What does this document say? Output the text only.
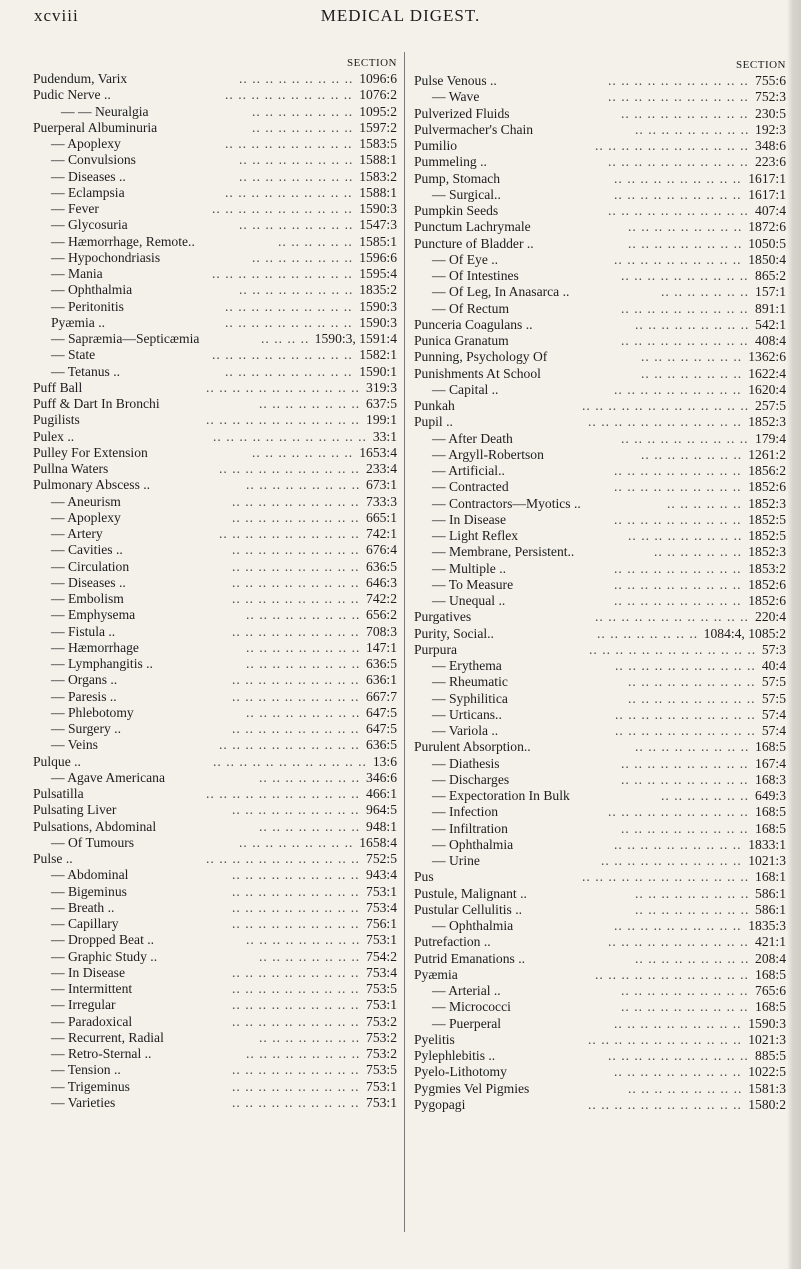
xcviii	MEDICAL DIGEST.
SECTION
Pudendum, Varix	.. .. .. .. .. .. .. .. .. 1096:6
Pudic Nerve ..	.. .. .. .. .. .. .. .. .. .. 1076:2
— — Neuralgia	.. .. .. .. .. .. .. .. 1095:2
Puerperal Albuminuria	.. .. .. .. .. .. .. .. 1597:2
— Apoplexy	.. .. .. .. .. .. .. .. .. .. 1583:5
— Convulsions	.. .. .. .. .. .. .. .. .. 1588:1
— Diseases ..	.. .. .. .. .. .. .. .. .. 1583:2
— Eclampsia	.. .. .. .. .. .. .. .. .. .. 1588:1
— Fever	.. .. .. .. .. .. .. .. .. .. .. 1590:3
— Glycosuria	.. .. .. .. .. .. .. .. .. 1547:3
— Hæmorrhage, Remote..	.. .. .. .. .. .. 1585:1
— Hypochondriasis	.. .. .. .. .. .. .. .. 1596:6
— Mania	.. .. .. .. .. .. .. .. .. .. .. 1595:4
— Ophthalmia	.. .. .. .. .. .. .. .. .. 1835:2
— Peritonitis	.. .. .. .. .. .. .. .. .. .. 1590:3
Pyæmia ..	.. .. .. .. .. .. .. .. .. .. 1590:3
— Sapræmia—Septicæmia	.. .. .. .. 1590:3, 1591:4
— State	.. .. .. .. .. .. .. .. .. .. .. 1582:1
— Tetanus ..	.. .. .. .. .. .. .. .. .. .. 1590:1
Puff Ball	.. .. .. .. .. .. .. .. .. .. .. .. 319:3
Puff & Dart In Bronchi	.. .. .. .. .. .. .. .. 637:5
Pugilists	.. .. .. .. .. .. .. .. .. .. .. .. 199:1
Pulex ..	.. .. .. .. .. .. .. .. .. .. .. .. 33:1
Pulley For Extension	.. .. .. .. .. .. .. .. 1653:4
Pullna Waters	.. .. .. .. .. .. .. .. .. .. .. 233:4
Pulmonary Abscess ..	.. .. .. .. .. .. .. .. .. 673:1
— Aneurism	.. .. .. .. .. .. .. .. .. .. 733:3
— Apoplexy	.. .. .. .. .. .. .. .. .. .. 665:1
— Artery	.. .. .. .. .. .. .. .. .. .. .. 742:1
— Cavities ..	.. .. .. .. .. .. .. .. .. .. 676:4
— Circulation	.. .. .. .. .. .. .. .. .. .. 636:5
— Diseases ..	.. .. .. .. .. .. .. .. .. .. 646:3
— Embolism	.. .. .. .. .. .. .. .. .. .. 742:2
— Emphysema	.. .. .. .. .. .. .. .. .. 656:2
— Fistula ..	.. .. .. .. .. .. .. .. .. .. 708:3
— Hæmorrhage	.. .. .. .. .. .. .. .. .. 147:1
— Lymphangitis ..	.. .. .. .. .. .. .. .. .. 636:5
— Organs ..	.. .. .. .. .. .. .. .. .. .. 636:1
— Paresis ..	.. .. .. .. .. .. .. .. .. .. 667:7
— Phlebotomy	.. .. .. .. .. .. .. .. .. 647:5
— Surgery ..	.. .. .. .. .. .. .. .. .. .. 647:5
— Veins	.. .. .. .. .. .. .. .. .. .. .. 636:5
Pulque ..	.. .. .. .. .. .. .. .. .. .. .. .. 13:6
— Agave Americana	.. .. .. .. .. .. .. .. 346:6
Pulsatilla	.. .. .. .. .. .. .. .. .. .. .. .. 466:1
Pulsating Liver	.. .. .. .. .. .. .. .. .. .. 964:5
Pulsations, Abdominal	.. .. .. .. .. .. .. .. 948:1
— Of Tumours	.. .. .. .. .. .. .. .. .. 1658:4
Pulse ..	.. .. .. .. .. .. .. .. .. .. .. .. 752:5
— Abdominal	.. .. .. .. .. .. .. .. .. .. 943:4
— Bigeminus	.. .. .. .. .. .. .. .. .. .. 753:1
— Breath ..	.. .. .. .. .. .. .. .. .. .. 753:4
— Capillary	.. .. .. .. .. .. .. .. .. .. 756:1
— Dropped Beat ..	.. .. .. .. .. .. .. .. .. 753:1
— Graphic Study ..	.. .. .. .. .. .. .. .. 754:2
— In Disease	.. .. .. .. .. .. .. .. .. .. 753:4
— Intermittent	.. .. .. .. .. .. .. .. .. .. 753:5
— Irregular	.. .. .. .. .. .. .. .. .. .. 753:1
— Paradoxical	.. .. .. .. .. .. .. .. .. .. 753:2
— Recurrent, Radial	.. .. .. .. .. .. .. .. 753:2
— Retro-Sternal ..	.. .. .. .. .. .. .. .. .. 753:2
— Tension ..	.. .. .. .. .. .. .. .. .. .. 753:5
— Trigeminus	.. .. .. .. .. .. .. .. .. .. 753:1
— Varieties	.. .. .. .. .. .. .. .. .. .. 753:1
SECTION
Pulse Venous ..	.. .. .. .. .. .. .. .. .. .. .. 755:6
— Wave	.. .. .. .. .. .. .. .. .. .. .. 752:3
Pulverized Fluids	.. .. .. .. .. .. .. .. .. .. 230:5
Pulvermacher's Chain	.. .. .. .. .. .. .. .. .. 192:3
Pumilio	.. .. .. .. .. .. .. .. .. .. .. .. 348:6
Pummeling ..	.. .. .. .. .. .. .. .. .. .. .. 223:6
Pump, Stomach	.. .. .. .. .. .. .. .. .. .. 1617:1
— Surgical..	.. .. .. .. .. .. .. .. .. .. 1617:1
Pumpkin Seeds	.. .. .. .. .. .. .. .. .. .. .. 407:4
Punctum Lachrymale	.. .. .. .. .. .. .. .. .. 1872:6
Puncture of Bladder ..	.. .. .. .. .. .. .. .. .. 1050:5
— Of Eye ..	.. .. .. .. .. .. .. .. .. .. 1850:4
— Of Intestines	.. .. .. .. .. .. .. .. .. .. 865:2
— Of Leg, In Anasarca ..	.. .. .. .. .. .. .. 157:1
— Of Rectum	.. .. .. .. .. .. .. .. .. .. 891:1
Punceria Coagulans ..	.. .. .. .. .. .. .. .. .. 542:1
Punica Granatum	.. .. .. .. .. .. .. .. .. .. 408:4
Punning, Psychology Of	.. .. .. .. .. .. .. .. 1362:6
Punishments At School	.. .. .. .. .. .. .. .. 1622:4
— Capital ..	.. .. .. .. .. .. .. .. .. .. 1620:4
Punkah	.. .. .. .. .. .. .. .. .. .. .. .. .. 257:5
Pupil ..	.. .. .. .. .. .. .. .. .. .. .. .. 1852:3
— After Death	.. .. .. .. .. .. .. .. .. .. 179:4
— Argyll-Robertson	.. .. .. .. .. .. .. .. 1261:2
— Artificial..	.. .. .. .. .. .. .. .. .. .. 1856:2
— Contracted	.. .. .. .. .. .. .. .. .. .. 1852:6
— Contractors—Myotics ..	.. .. .. .. .. .. 1852:3
— In Disease	.. .. .. .. .. .. .. .. .. .. 1852:5
— Light Reflex	.. .. .. .. .. .. .. .. .. 1852:5
— Membrane, Persistent..	.. .. .. .. .. .. .. 1852:3
— Multiple ..	.. .. .. .. .. .. .. .. .. .. 1853:2
— To Measure	.. .. .. .. .. .. .. .. .. .. 1852:6
— Unequal ..	.. .. .. .. .. .. .. .. .. .. 1852:6
Purgatives	.. .. .. .. .. .. .. .. .. .. .. .. 220:4
Purity, Social..	.. .. .. .. .. .. .. .. 1084:4, 1085:2
Purpura	.. .. .. .. .. .. .. .. .. .. .. .. .. 57:3
— Erythema	.. .. .. .. .. .. .. .. .. .. .. 40:4
— Rheumatic	.. .. .. .. .. .. .. .. .. .. 57:5
— Syphilitica	.. .. .. .. .. .. .. .. .. .. 57:5
— Urticans..	.. .. .. .. .. .. .. .. .. .. .. 57:4
— Variola ..	.. .. .. .. .. .. .. .. .. .. .. 57:4
Purulent Absorption..	.. .. .. .. .. .. .. .. .. 168:5
— Diathesis	.. .. .. .. .. .. .. .. .. .. 167:4
— Discharges	.. .. .. .. .. .. .. .. .. .. 168:3
— Expectoration In Bulk	.. .. .. .. .. .. .. 649:3
— Infection	.. .. .. .. .. .. .. .. .. .. .. 168:5
— Infiltration	.. .. .. .. .. .. .. .. .. .. 168:5
— Ophthalmia	.. .. .. .. .. .. .. .. .. .. 1833:1
— Urine	.. .. .. .. .. .. .. .. .. .. .. 1021:3
Pus	.. .. .. .. .. .. .. .. .. .. .. .. .. 168:1
Pustule, Malignant ..	.. .. .. .. .. .. .. .. .. 586:1
Pustular Cellulitis ..	.. .. .. .. .. .. .. .. .. 586:1
— Ophthalmia	.. .. .. .. .. .. .. .. .. .. 1835:3
Putrefaction ..	.. .. .. .. .. .. .. .. .. .. .. 421:1
Putrid Emanations ..	.. .. .. .. .. .. .. .. .. 208:4
Pyæmia	.. .. .. .. .. .. .. .. .. .. .. .. 168:5
— Arterial ..	.. .. .. .. .. .. .. .. .. .. 765:6
— Micrococci	.. .. .. .. .. .. .. .. .. .. 168:5
— Puerperal	.. .. .. .. .. .. .. .. .. .. 1590:3
Pyelitis	.. .. .. .. .. .. .. .. .. .. .. .. 1021:3
Pylephlebitis ..	.. .. .. .. .. .. .. .. .. .. .. 885:5
Pyelo-Lithotomy	.. .. .. .. .. .. .. .. .. .. 1022:5
Pygmies Vel Pigmies	.. .. .. .. .. .. .. .. .. 1581:3
Pygopagi	.. .. .. .. .. .. .. .. .. .. .. .. 1580:2
